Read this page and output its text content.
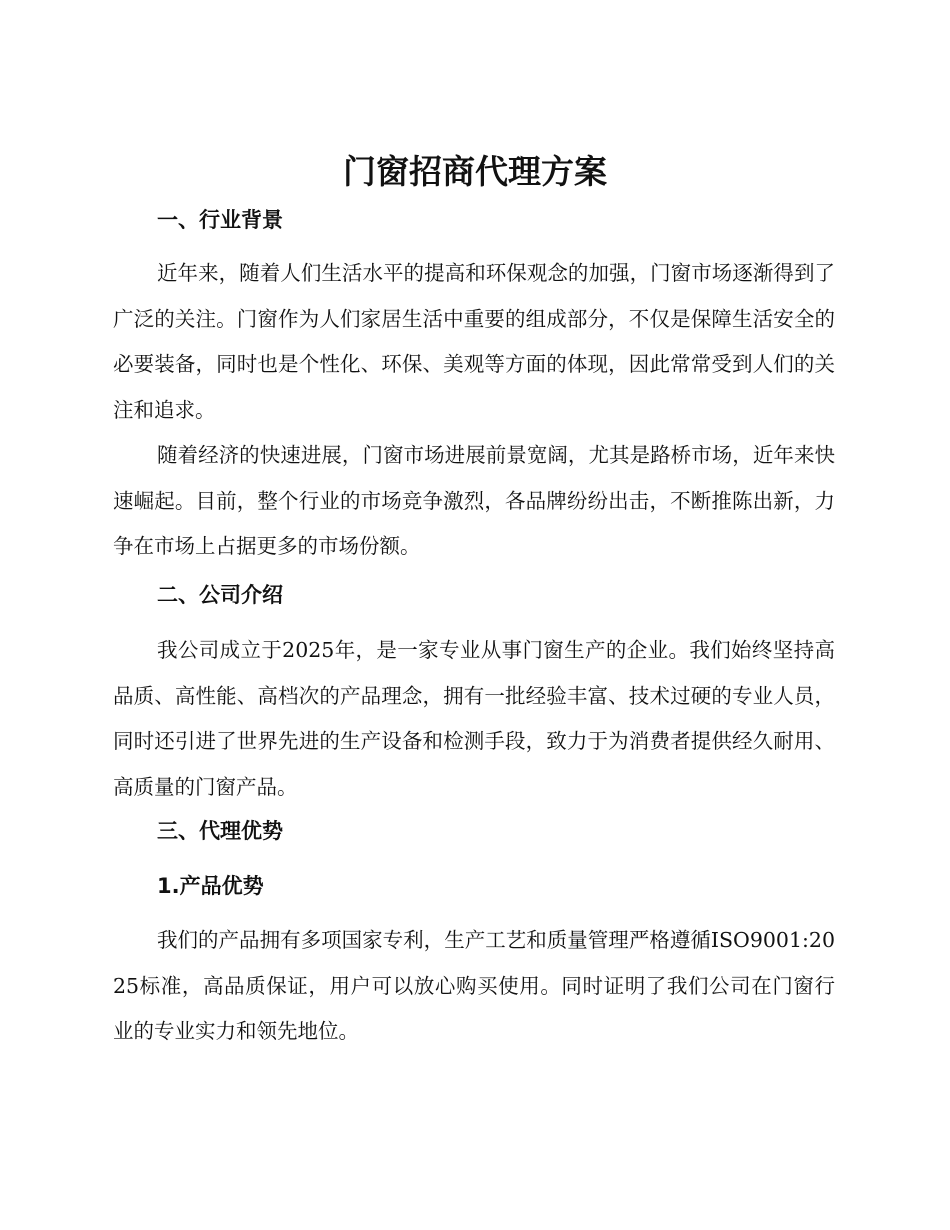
门窗招商代理方案
一、行业背景

近年来，随着人们生活水平的提高和环保观念的加强，门窗市场逐渐得到了广泛的关注。门窗作为人们家居生活中重要的组成部分，不仅是保障生活安全的必要装备，同时也是个性化、环保、美观等方面的体现，因此常常受到人们的关注和追求。

随着经济的快速进展，门窗市场进展前景宽阔，尤其是路桥市场，近年来快速崛起。目前，整个行业的市场竞争激烈，各品牌纷纷出击，不断推陈出新，力争在市场上占据更多的市场份额。

二、公司介绍

我公司成立于2025年，是一家专业从事门窗生产的企业。我们始终坚持高品质、高性能、高档次的产品理念，拥有一批经验丰富、技术过硬的专业人员，同时还引进了世界先进的生产设备和检测手段，致力于为消费者提供经久耐用、高质量的门窗产品。

三、代理优势
1.产品优势

我们的产品拥有多项国家专利，生产工艺和质量管理严格遵循ISO9001:2025标准，高品质保证，用户可以放心购买使用。同时证明了我们公司在门窗行业的专业实力和领先地位。
